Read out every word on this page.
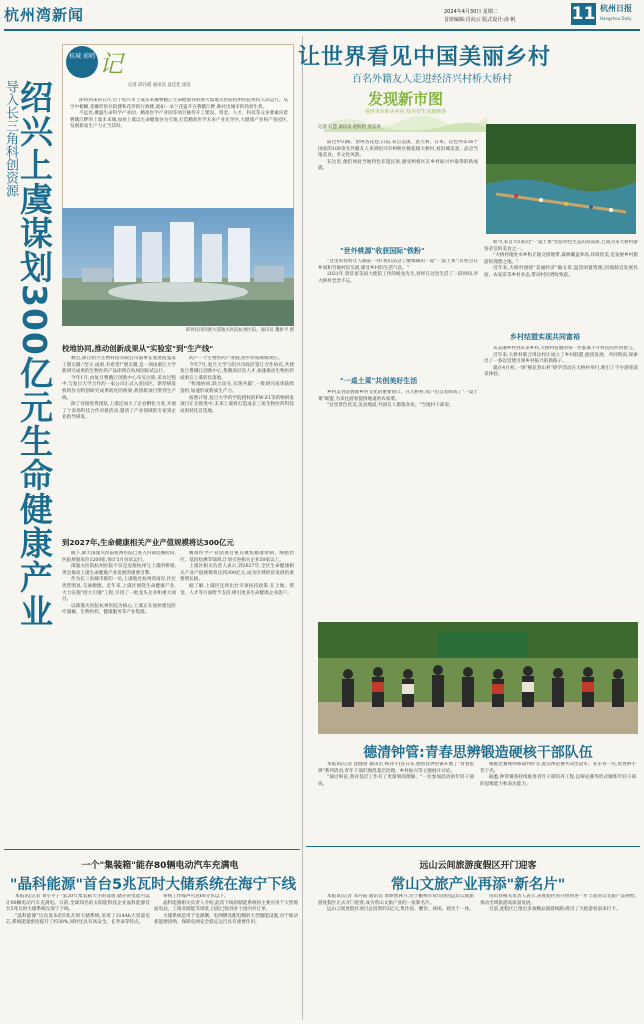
杭州湾新闻	2024年4月30日 星期二
首席编辑:肖向云 版式设计:俞 帆	11 杭州日报
Hangzhou Daily
杭城 前哨 记
记者 邱丹霞 通讯员 袁佳佳 徐洁

即将到来的五月,位于绍兴市上虞未来城曹娥江生命健康谷的浙大邵逸夫医院杭州医院将投入试运行。从空中俯瞰,花瓣形的住院楼和花形的行政楼,就如一朵兰花盛开在曹娥江畔,映衬出城市的勃勃生机。

不远处,聚盛生命科学产业园、精准医学产业园等项目静待开工建设。资金、人才、科技等众多要素向着曹娥江畔的上虞未来城,加快上虞以生命健康谷为引领,打造精准医学未来产业先导区,大健康产业和产业园区,发展新质生产力正当其时。

导入长三角科创资源
绍兴上虞谋划300亿元生命健康产业	即将投用的浙大邵逸夫医院杭州医院。通讯员 魏新平 摄
校地协同,推动创新成果从"实验室"到"生产线"

数近,浙江绍兴生物科技有限公司董事长张建波曼发了朋友圈:"坚守,成果,有希望!"朋友圈,是一项由浙江大学新研究成果的生物医药产品即将在杭州国际试运行。

今年1月,由复旦曹娥江创新中心牵头注册,采访过程中,与复旦大学合作的一家公司正式入驻园区。新型研发机构作为科创研究成果转化的桥梁,将创新项目带到生产线。

除了对接优秀团队,上虞还加大了企业孵化力度,开展了十余场科技合作对接活动,邀请了产业领域的专家到企业指导研发。

药产一个生物医药产业链,逐步形成规模效应。

今年7月,复旦大学与绍兴市政府签订合作协议,共建复旦曹娥江创新中心,集聚高层次人才,加速推动生物医药成果在上虞转化落地。

"校地协同,联合攻关,实现共赢",一批研究成果陆续签约,加速形成新质生产力。

按照计划,复旦大学药学院授权的FW-Z1等药物研发项目正在推进中,未来上虞将打造成长三角生物医药科技成果转化首选地。

到2027年,生命健康相关产业产值规模将达300亿元

眼下,浙大邵逸夫医院杭州医院已进入内部装修阶段,医院规划床位1200张,预计5月份试运行。

邵逸夫医院杭州医院不仅是连接杭州与上虞的桥梁,更是推动上虞生命健康产业发展的重要引擎。

作为长三角城市群的一员,上虞地处杭州湾南岸,区位优势明显,交通便捷。近年来,上虞区围绕生命健康产业,大力实施"招大引强"工程,引进了一批龙头企业和重大项目。

以邵逸夫医院杭州医院为核心,上虞正在加快建设医疗器械、生物医药、健康服务等产业集群。

精准医学产业园项目重点聚焦精准诊断、细胞治疗、基因检测等领域,计划引进相关企业50家以上。

上虞区相关负责人表示,到2027年,全区生命健康相关产业产值规模将达到300亿元,成为区域经济发展的重要增长极。

据了解,上虞区还将出台专项扶持政策,在土地、资金、人才等方面给予支持,吸引更多生命健康企业落户。

一个"集装箱"能存80辆电动汽车充满电
"晶科能源"首台5兆瓦时大储系统在海宁下线

本报讯(记者 黄小平)一套20尺集装箱大小的设备,储存的电能可以让80辆电动汽车充满电。日前,全球知名的太阳能科技企业晶科能源首台5兆瓦时大储系统在海宁下线。

"晶科能源"这次发布的5兆瓦时大储系统,采用了314Ah大容量电芯,系统能量密度提升了约30%,同时还具有高安全、长寿命等特点。

系统工作噪声可达60分贝以下。

晶科能源相关负责人介绍,此次下线的储能系统将主要应用于大型地面电站、工商业储能等场景,目前已收到多个国内外订单。

大储系统是用于电源侧、电网侧及配电侧的大型储能设施,对于推动新能源消纳、保障电网安全稳定运行具有重要作用。

让世界看见中国美丽乡村
百名外籍友人走进经济兴村桥大桥村
发现新市图
看经本台和美乡村,绘美好生活新画卷
记者 石慧 通讯员 赵昕怡 金乐青

前过中山路、虫鸣杏花巷,日前,来自美国、意大利、日本、以色列等36个国家的100余名外籍友人来到绍兴市柯桥区棉花镇大桥村,看旧城美景、品尝当地美食、享文化风韵。

在这里,他们体验当地特色非遗民俗,感受柯桥区在乡村振兴中取得的新成就。

"世外桃源"收获国际"铁粉"

"这里的农村让人眼前一亮!我们品尝了酸梅做的一道"一桌土菜",有机会在乡间和当地村民交流,感受乡村的生活气息。"

2021年,曾驻留美国大使馆工作的杨龙先生,曾经在这里生活了一段时间,对大桥村念念不忘。

"一桌土菜"共创美好生活

乡村美食是展现乡村文化的重要窗口。在大桥村,农户们自发组成了"一桌土菜"联盟,为来往游客提供地道的农家菜。

"这里景色优美,美食地道,外国友人都很喜欢。"当地村干部说。

如今,来自大山的这"一桌土菜"凭借特色生态的高品质,已成为来大桥村游客必尝的美食之一。

"大桥村地处水乡和丘陵交接地带,森林覆盖率高,环境优美,是发展乡村旅游的理想之地。"

近年来,大桥村围绕"美丽经济"做文章,盘活闲置资源,因地制宜发展民宿、农家乐等乡村业态,带动村民增收致富。

乡村结盟实现共同富裕

从美丽乡村到未来乡村,大桥村发展的每一步都离不开村民的共同参与。

近年来,大桥村联合周边村庄成立了乡村联盟,抱团发展、共同致富,探索出了一条以党建引领乡村振兴的新路子。

就在4月初,一场"棉花春山村"研学活动在大桥村举行,吸引了不少游客前来体验。

德清钟管:青春思辨锻造硬核干部队伍

本报讯(记者 沈晓倩 通讯员 杨泽宇)连日来,德清县钟管镇开展了"青春思辨"系列活动,青年干部们围绕基层治理、乡村振兴等主题展开讨论。

"通过辩论,我对基层工作有了更深刻的理解。"一位参加活动的年轻干部说。

根据比赛规则和裁判评分,此次辩论赛共决出冠军、亚军各一名,优秀辩手若干名。

据悉,钟管镇将持续推进青年干部培养工程,以辩论赛等形式锤炼年轻干部的思维能力和表达能力。

远山云间旅游度假区开门迎客
常山文旅产业再添"新名片"

本报讯(记者 邓丹霞 通讯员 黄晔然)4月,位于衢州市常山县的远山云间旅游度假区正式开门迎客,成为常山文旅产业的一张新名片。

远山云间度假区项目总投资约3亿元,集住宿、餐饮、休闲、观光于一体。

常山县相关负责人表示,该度假区的开放将进一步丰富常山文旅产品供给,推动全域旅游高质量发展。

目前,度假区已推出多条精品旅游线路,吸引了大批游客前来打卡。
